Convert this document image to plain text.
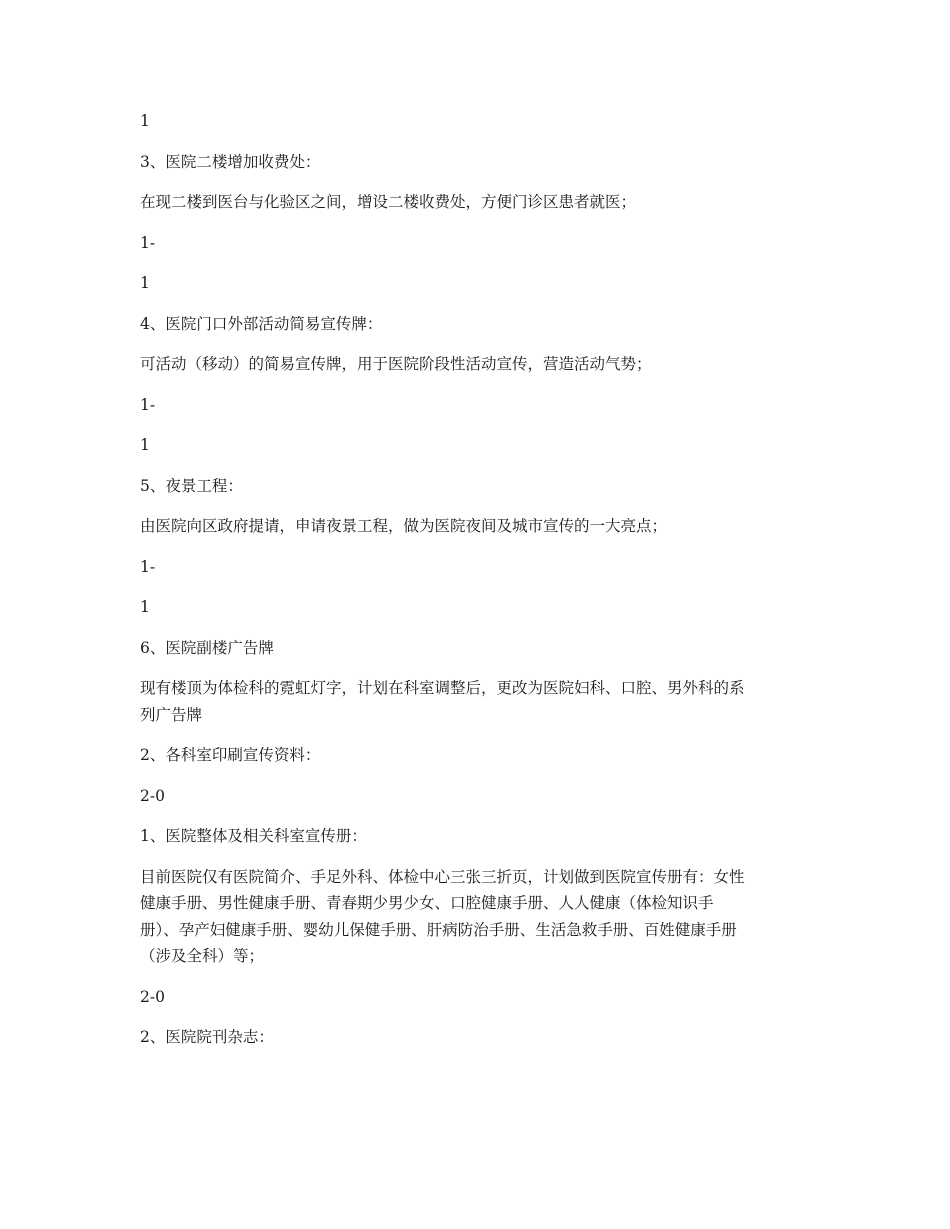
1

3、医院二楼增加收费处：

在现二楼到医台与化验区之间，增设二楼收费处，方便门诊区患者就医；

1-

1

4、医院门口外部活动简易宣传牌：

可活动（移动）的简易宣传牌，用于医院阶段性活动宣传，营造活动气势；

1-

1

5、夜景工程：

由医院向区政府提请，申请夜景工程，做为医院夜间及城市宣传的一大亮点；

1-

1

6、医院副楼广告牌

现有楼顶为体检科的霓虹灯字，计划在科室调整后，更改为医院妇科、口腔、男外科的系
列广告牌

2、各科室印刷宣传资料：

2-0

1、医院整体及相关科室宣传册：

目前医院仅有医院简介、手足外科、体检中心三张三折页，计划做到医院宣传册有：女性
健康手册、男性健康手册、青春期少男少女、口腔健康手册、人人健康（体检知识手
册）、孕产妇健康手册、婴幼儿保健手册、肝病防治手册、生活急救手册、百姓健康手册
（涉及全科）等；

2-0

2、医院院刊杂志：
